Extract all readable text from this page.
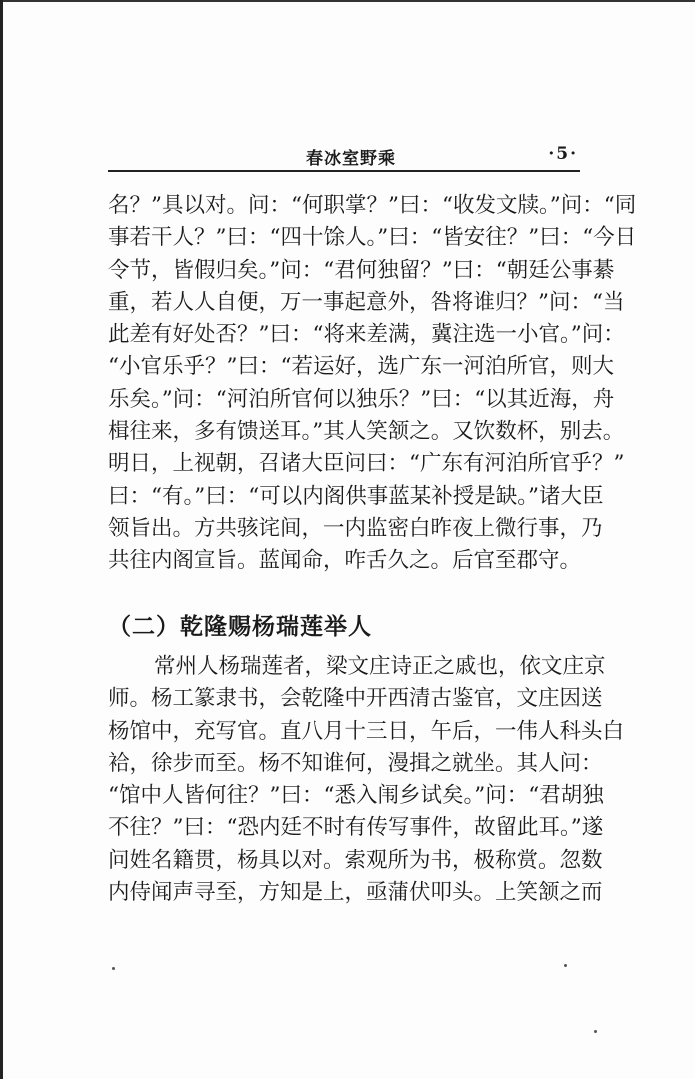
春冰室野乘	·5·
名？”具以对。问：“何职掌？”曰：“收发文牍。”问：“同
事若干人？”曰：“四十馀人。”曰：“皆安往？”曰：“今日
令节，皆假归矣。”问：“君何独留？”曰：“朝廷公事綦
重，若人人自便，万一事起意外，咎将谁归？”问：“当
此差有好处否？”曰：“将来差满，冀注选一小官。”问：
“小官乐乎？”曰：“若运好，选广东一河泊所官，则大
乐矣。”问：“河泊所官何以独乐？”曰：“以其近海，舟
楫往来，多有馈送耳。”其人笑颔之。又饮数杯，别去。
明日，上视朝，召诸大臣问曰：“广东有河泊所官乎？”
曰：“有。”曰：“可以内阁供事蓝某补授是缺。”诸大臣
领旨出。方共骇诧间，一内监密白昨夜上微行事，乃
共往内阁宣旨。蓝闻命，咋舌久之。后官至郡守。
（二）乾隆赐杨瑞莲举人
常州人杨瑞莲者，梁文庄诗正之戚也，依文庄京
师。杨工篆隶书，会乾隆中开西清古鉴官，文庄因送
杨馆中，充写官。直八月十三日，午后，一伟人科头白
袷，徐步而至。杨不知谁何，漫揖之就坐。其人问：
“馆中人皆何往？”曰：“悉入闱乡试矣。”问：“君胡独
不往？”曰：“恐内廷不时有传写事件，故留此耳。”遂
问姓名籍贯，杨具以对。索观所为书，极称赏。忽数
内侍闻声寻至，方知是上，亟蒲伏叩头。上笑颔之而
